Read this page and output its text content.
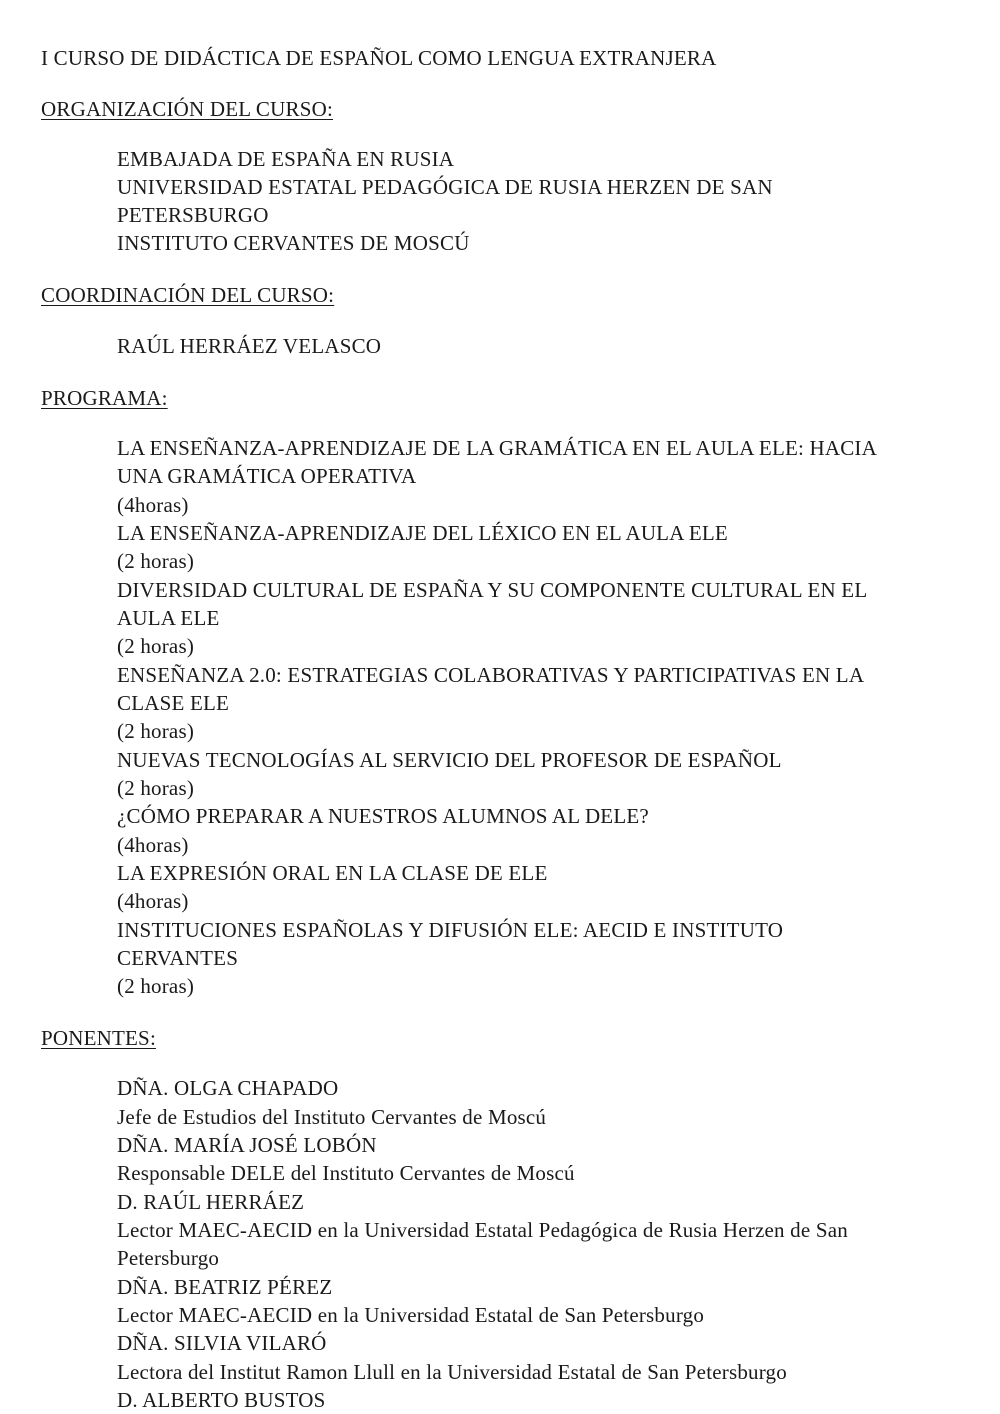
I CURSO DE DIDÁCTICA DE ESPAÑOL COMO LENGUA EXTRANJERA
ORGANIZACIÓN DEL CURSO:
EMBAJADA DE ESPAÑA EN RUSIA
UNIVERSIDAD ESTATAL PEDAGÓGICA DE RUSIA HERZEN DE SAN
PETERSBURGO
INSTITUTO CERVANTES DE MOSCÚ
COORDINACIÓN DEL CURSO:
RAÚL HERRÁEZ VELASCO
PROGRAMA:
LA ENSEÑANZA-APRENDIZAJE DE LA GRAMÁTICA EN EL AULA ELE: HACIA
UNA GRAMÁTICA OPERATIVA
(4horas)
LA ENSEÑANZA-APRENDIZAJE DEL LÉXICO EN EL AULA ELE
(2 horas)
DIVERSIDAD CULTURAL DE ESPAÑA Y SU COMPONENTE CULTURAL EN EL
AULA ELE
(2 horas)
ENSEÑANZA 2.0: ESTRATEGIAS COLABORATIVAS Y PARTICIPATIVAS EN LA
CLASE ELE
(2 horas)
NUEVAS TECNOLOGÍAS AL SERVICIO DEL PROFESOR DE ESPAÑOL
(2 horas)
¿CÓMO PREPARAR A NUESTROS ALUMNOS AL DELE?
(4horas)
LA EXPRESIÓN ORAL EN LA CLASE DE ELE
(4horas)
INSTITUCIONES ESPAÑOLAS Y DIFUSIÓN ELE: AECID E INSTITUTO
CERVANTES
(2 horas)
PONENTES:
DÑA. OLGA CHAPADO
Jefe de Estudios del Instituto Cervantes de Moscú
DÑA. MARÍA JOSÉ LOBÓN
Responsable DELE del Instituto Cervantes de Moscú
D. RAÚL HERRÁEZ
Lector MAEC-AECID en la Universidad Estatal Pedagógica de Rusia Herzen de San
Petersburgo
DÑA. BEATRIZ PÉREZ
Lector MAEC-AECID en la Universidad Estatal de San Petersburgo
DÑA. SILVIA VILARÓ
Lectora del Institut Ramon Llull en la Universidad Estatal de San Petersburgo
D. ALBERTO BUSTOS
